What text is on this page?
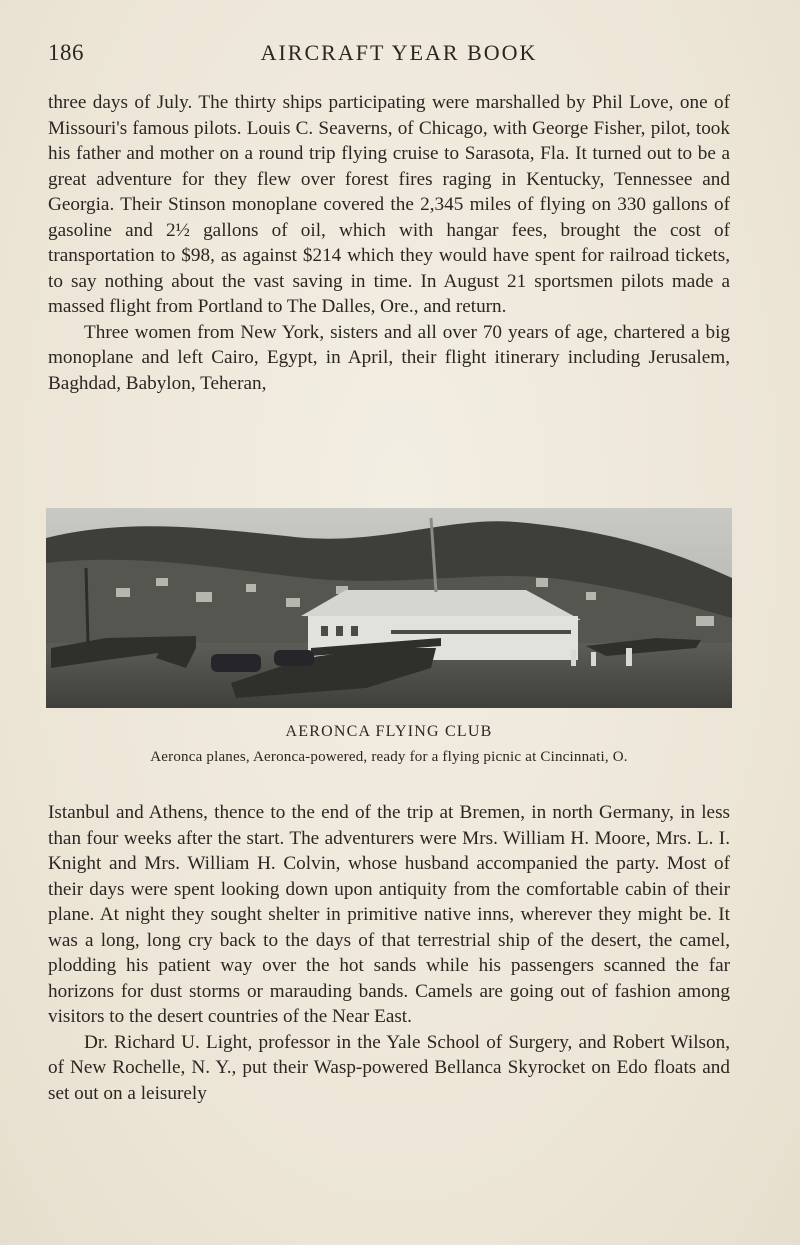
186	AIRCRAFT YEAR BOOK

three days of July. The thirty ships participating were marshalled by Phil Love, one of Missouri's famous pilots. Louis C. Seaverns, of Chicago, with George Fisher, pilot, took his father and mother on a round trip flying cruise to Sarasota, Fla. It turned out to be a great adventure for they flew over forest fires raging in Kentucky, Tennessee and Georgia. Their Stinson monoplane covered the 2,345 miles of flying on 330 gallons of gasoline and 2½ gallons of oil, which with hangar fees, brought the cost of transportation to $98, as against $214 which they would have spent for railroad tickets, to say nothing about the vast saving in time. In August 21 sportsmen pilots made a massed flight from Portland to The Dalles, Ore., and return.

Three women from New York, sisters and all over 70 years of age, chartered a big monoplane and left Cairo, Egypt, in April, their flight itinerary including Jerusalem, Baghdad, Babylon, Teheran,

AERONCA FLYING CLUB
Aeronca planes, Aeronca-powered, ready for a flying picnic at Cincinnati, O.

Istanbul and Athens, thence to the end of the trip at Bremen, in north Germany, in less than four weeks after the start. The adventurers were Mrs. William H. Moore, Mrs. L. I. Knight and Mrs. William H. Colvin, whose husband accompanied the party. Most of their days were spent looking down upon antiquity from the comfortable cabin of their plane. At night they sought shelter in primitive native inns, wherever they might be. It was a long, long cry back to the days of that terrestrial ship of the desert, the camel, plodding his patient way over the hot sands while his passengers scanned the far horizons for dust storms or marauding bands. Camels are going out of fashion among visitors to the desert countries of the Near East.

Dr. Richard U. Light, professor in the Yale School of Surgery, and Robert Wilson, of New Rochelle, N. Y., put their Wasp-powered Bellanca Skyrocket on Edo floats and set out on a leisurely
